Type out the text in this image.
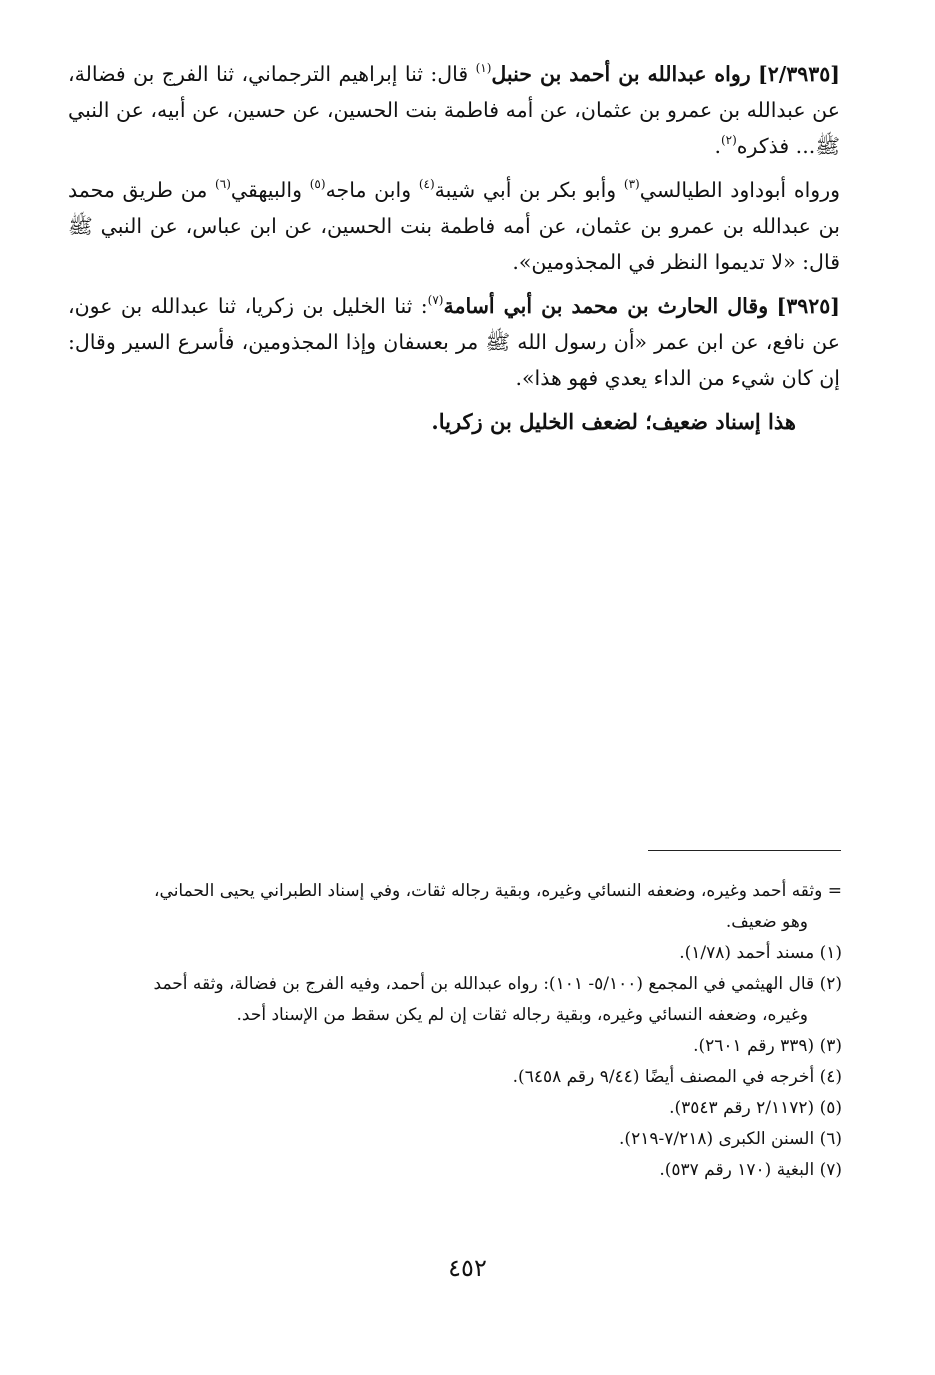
[٢/٣٩٣٥] رواه عبدالله بن أحمد بن حنبل$^{(١)}$ قال: ثنا إبراهيم الترجماني، ثنا الفرج بن فضالة، عن عبدالله بن عمرو بن عثمان، عن أمه فاطمة بنت الحسين، عن حسين، عن أبيه، عن النبي ﷺ... فذكره$^{(٢)}$.

ورواه أبوداود الطيالسي$^{(٣)}$ وأبو بكر بن أبي شيبة$^{(٤)}$ وابن ماجه$^{(٥)}$ والبيهقي$^{(٦)}$ من طريق محمد بن عبدالله بن عمرو بن عثمان، عن أمه فاطمة بنت الحسين، عن ابن عباس، عن النبي ﷺ قال: «لا تديموا النظر في المجذومين».

[٣٩٢٥] وقال الحارث بن محمد بن أبي أسامة$^{(٧)}$: ثنا الخليل بن زكريا، ثنا عبدالله بن عون، عن نافع، عن ابن عمر «أن رسول الله ﷺ مر بعسفان وإذا المجذومين، فأسرع السير وقال: إن كان شيء من الداء يعدي فهو هذا».

هذا إسناد ضعيف؛ لضعف الخليل بن زكريا.

= وثقه أحمد وغيره، وضعفه النسائي وغيره، وبقية رجاله ثقات، وفي إسناد الطبراني يحيى الحماني،

وهو ضعيف.

(١) مسند أحمد (١/٧٨).

(٢) قال الهيثمي في المجمع (٥/١٠٠- ١٠١): رواه عبدالله بن أحمد، وفيه الفرج بن فضالة، وثقه أحمد

وغيره، وضعفه النسائي وغيره، وبقية رجاله ثقات إن لم يكن سقط من الإسناد أحد.

(٣) (٣٣٩ رقم ٢٦٠١).

(٤) أخرجه في المصنف أيضًا (٩/٤٤ رقم ٦٤٥٨).

(٥) (٢/١١٧٢ رقم ٣٥٤٣).

(٦) السنن الكبرى (٧/٢١٨-٢١٩).

(٧) البغية (١٧٠ رقم ٥٣٧).

٤٥٢
